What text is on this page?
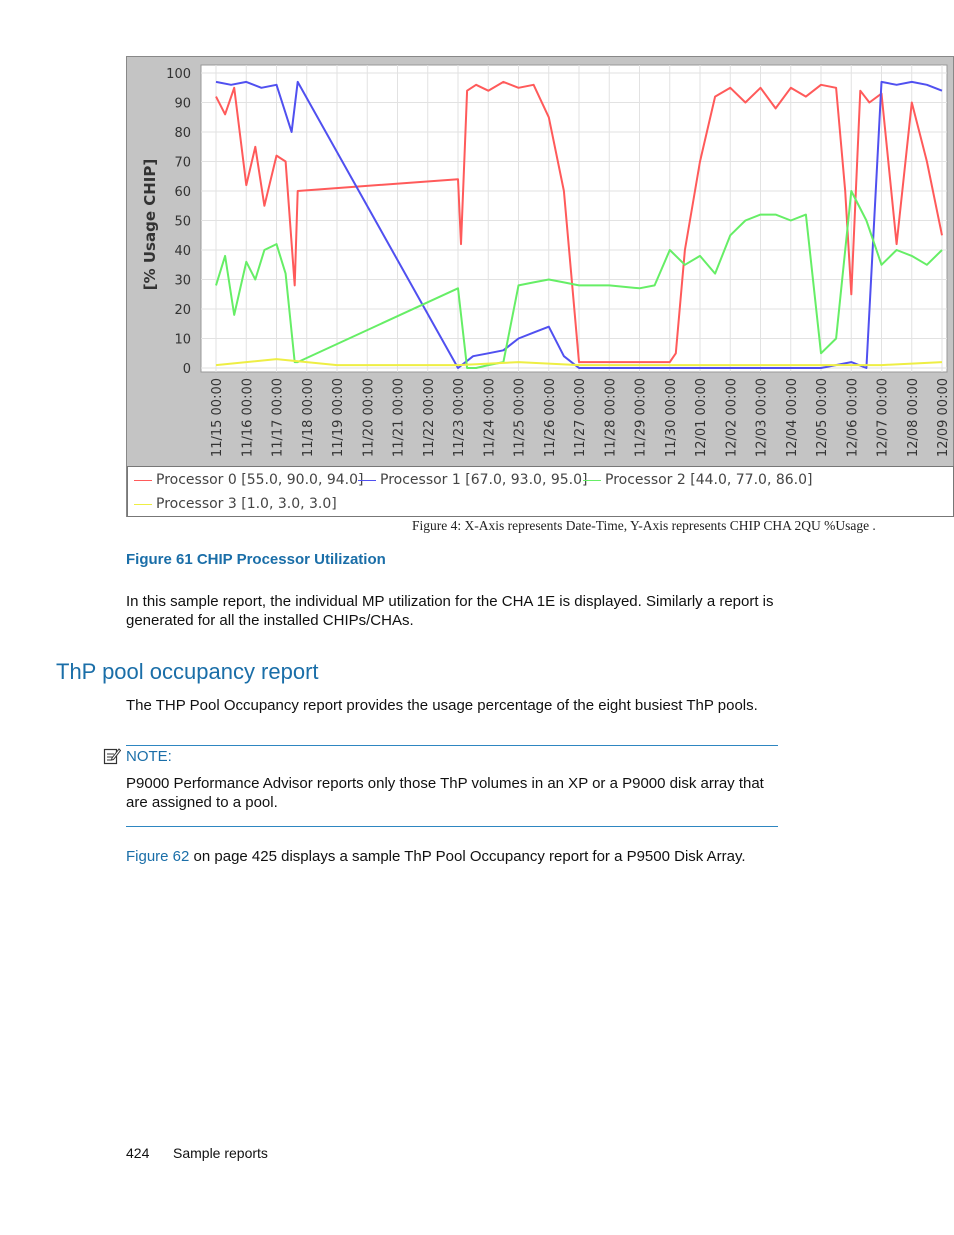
0
10
20
30
40
50
60
70
80
90
100
[% Usage CHIP]
11/15 00:00 11/16 00:00 11/17 00:00 11/18 00:00 11/19 00:00 11/20 00:00 11/21 00:00 11/22 00:00 11/23 00:00 11/24 00:00 11/25 00:00 11/26 00:00 11/27 00:00 11/28 00:00 11/29 00:00 11/30 00:00 12/01 00:00 12/02 00:00 12/03 00:00 12/04 00:00 12/05 00:00 12/06 00:00 12/07 00:00 12/08 00:00 12/09 00:00
Processor 0 [55.0, 90.0, 94.0]	Processor 1 [67.0, 93.0, 95.0]	Processor 2 [44.0, 77.0, 86.0]
Processor 3 [1.0, 3.0, 3.0]
Figure 4: X-Axis represents Date-Time, Y-Axis represents CHIP CHA 2QU %Usage .
Figure 61 CHIP Processor Utilization

In this sample report, the individual MP utilization for the CHA 1E is displayed. Similarly a report is generated for all the installed CHIPs/CHAs.

ThP pool occupancy report

The THP Pool Occupancy report provides the usage percentage of the eight busiest ThP pools.

NOTE:

P9000 Performance Advisor reports only those ThP volumes in an XP or a P9000 disk array that are assigned to a pool.

Figure 62 on page 425 displays a sample ThP Pool Occupancy report for a P9500 Disk Array.

424 Sample reports
